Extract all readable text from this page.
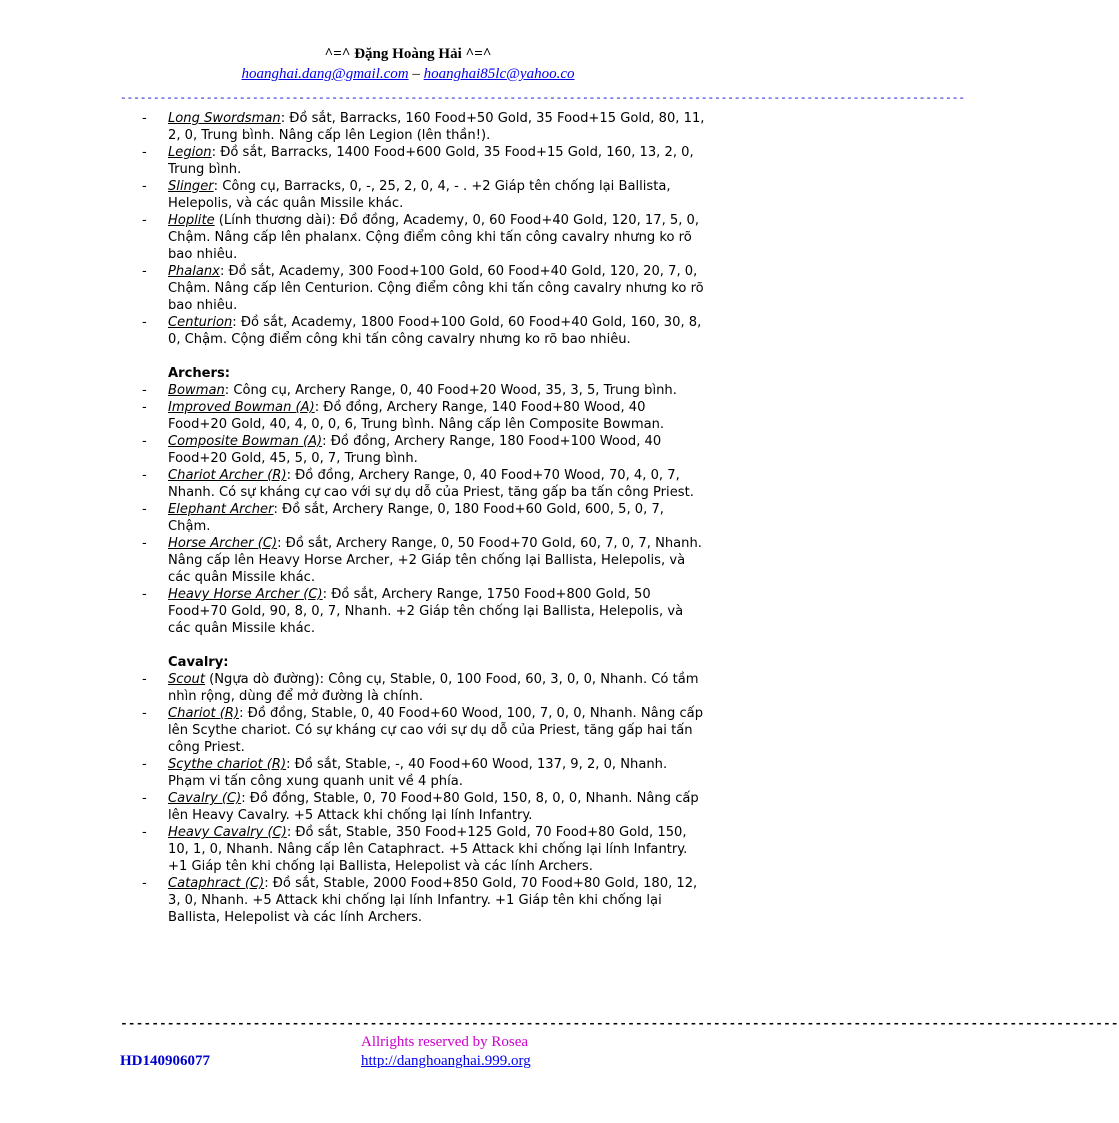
^=^ Đặng Hoàng Hải ^=^
hoanghai.dang@gmail.com – hoanghai85lc@yahoo.co
--------------------------------------------------------------------------------------------------------------------------------
- Long Swordsman: Đồ sắt, Barracks, 160 Food+50 Gold, 35 Food+15 Gold, 80, 11, 2, 0, Trung bình. Nâng cấp lên Legion (lên thần!).
- Legion: Đồ sắt, Barracks, 1400 Food+600 Gold, 35 Food+15 Gold, 160, 13, 2, 0, Trung bình.
- Slinger: Công cụ, Barracks, 0, -, 25, 2, 0, 4, - . +2 Giáp tên chống lại Ballista, Helepolis, và các quân Missile khác.
- Hoplite (Lính thương dài): Đồ đồng, Academy, 0, 60 Food+40 Gold, 120, 17, 5, 0, Chậm. Nâng cấp lên phalanx. Cộng điểm công khi tấn công cavalry nhưng ko rõ bao nhiêu.
- Phalanx: Đồ sắt, Academy, 300 Food+100 Gold, 60 Food+40 Gold, 120, 20, 7, 0, Chậm. Nâng cấp lên Centurion. Cộng điểm công khi tấn công cavalry nhưng ko rõ bao nhiêu.
- Centurion: Đồ sắt, Academy, 1800 Food+100 Gold, 60 Food+40 Gold, 160, 30, 8, 0, Chậm. Cộng điểm công khi tấn công cavalry nhưng ko rõ bao nhiêu.
Archers:
- Bowman: Công cụ, Archery Range, 0, 40 Food+20 Wood, 35, 3, 5, Trung bình.
- Improved Bowman (A): Đồ đồng, Archery Range, 140 Food+80 Wood, 40 Food+20 Gold, 40, 4, 0, 0, 6, Trung bình. Nâng cấp lên Composite Bowman.
- Composite Bowman (A): Đồ đồng, Archery Range, 180 Food+100 Wood, 40 Food+20 Gold, 45, 5, 0, 7, Trung bình.
- Chariot Archer (R): Đồ đồng, Archery Range, 0, 40 Food+70 Wood, 70, 4, 0, 7, Nhanh. Có sự kháng cự cao với sự dụ dỗ của Priest, tăng gấp ba tấn công Priest.
- Elephant Archer: Đồ sắt, Archery Range, 0, 180 Food+60 Gold, 600, 5, 0, 7, Chậm.
- Horse Archer (C): Đồ sắt, Archery Range, 0, 50 Food+70 Gold, 60, 7, 0, 7, Nhanh. Nâng cấp lên Heavy Horse Archer, +2 Giáp tên chống lại Ballista, Helepolis, và các quân Missile khác.
- Heavy Horse Archer (C): Đồ sắt, Archery Range, 1750 Food+800 Gold, 50 Food+70 Gold, 90, 8, 0, 7, Nhanh. +2 Giáp tên chống lại Ballista, Helepolis, và các quân Missile khác.
Cavalry:
- Scout (Ngựa dò đường): Công cụ, Stable, 0, 100 Food, 60, 3, 0, 0, Nhanh. Có tầm nhìn rộng, dùng để mở đường là chính.
- Chariot (R): Đồ đồng, Stable, 0, 40 Food+60 Wood, 100, 7, 0, 0, Nhanh. Nâng cấp lên Scythe chariot. Có sự kháng cự cao với sự dụ dỗ của Priest, tăng gấp hai tấn công Priest.
- Scythe chariot (R): Đồ sắt, Stable, -, 40 Food+60 Wood, 137, 9, 2, 0, Nhanh. Phạm vi tấn công xung quanh unit về 4 phía.
- Cavalry (C): Đồ đồng, Stable, 0, 70 Food+80 Gold, 150, 8, 0, 0, Nhanh. Nâng cấp lên Heavy Cavalry. +5 Attack khi chống lại lính Infantry.
- Heavy Cavalry (C): Đồ sắt, Stable, 350 Food+125 Gold, 70 Food+80 Gold, 150, 10, 1, 0, Nhanh. Nâng cấp lên Cataphract. +5 Attack khi chống lại lính Infantry. +1 Giáp tên khi chống lại Ballista, Helepolist và các lính Archers.
- Cataphract (C): Đồ sắt, Stable, 2000 Food+850 Gold, 70 Food+80 Gold, 180, 12, 3, 0, Nhanh. +5 Attack khi chống lại lính Infantry. +1 Giáp tên khi chống lại Ballista, Helepolist và các lính Archers.
--------------------------------------------------------------------------------------------------------------------------------
HD140906077
Allrights reserved by Rosea
http://danghoanghai.999.org
